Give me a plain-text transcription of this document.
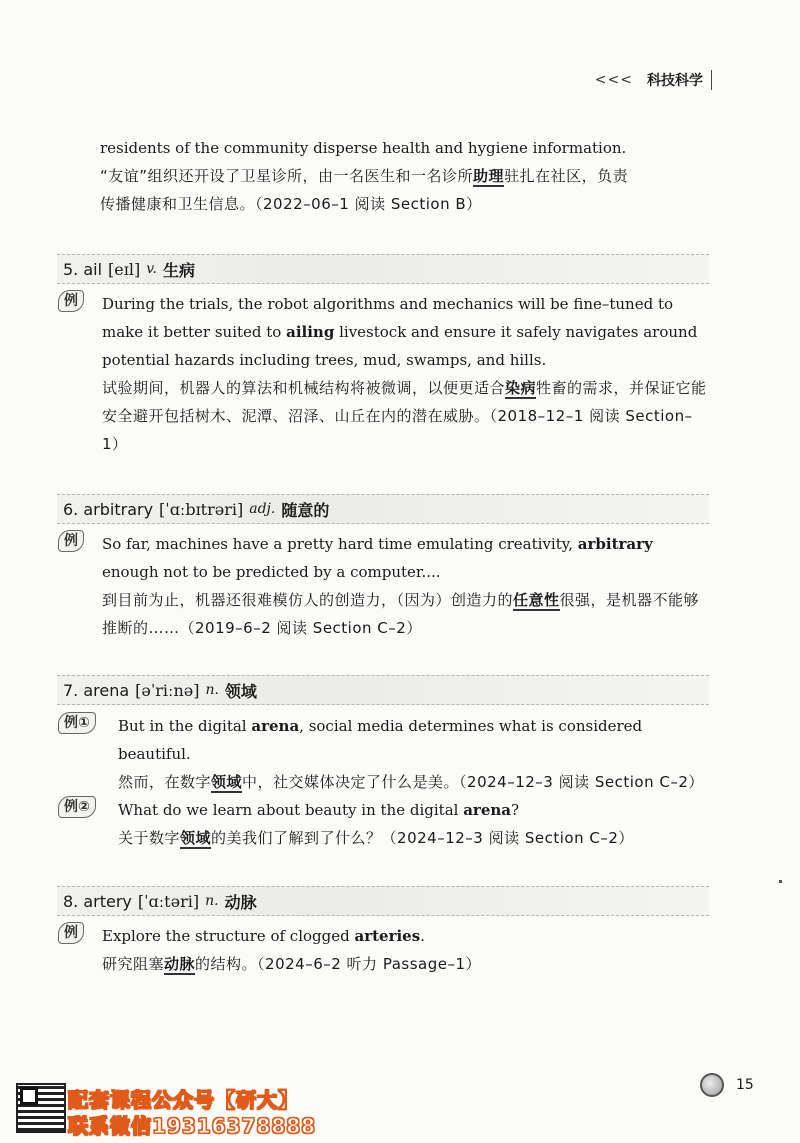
<<< 科技科学
residents of the community disperse health and hygiene information.
“友谊”组织还开设了卫星诊所，由一名医生和一名诊所助理驻扎在社区，负责
传播健康和卫生信息。（2022–06–1 阅读 Section B）
5. ail [eɪl] v. 生病
例	During the trials, the robot algorithms and mechanics will be fine–tuned to make it better suited to ailing livestock and ensure it safely navigates around potential hazards including trees, mud, swamps, and hills.
试验期间，机器人的算法和机械结构将被微调，以便更适合染病牲畜的需求，并保证它能安全避开包括树木、泥潭、沼泽、山丘在内的潜在威胁。（2018–12–1 阅读 Section–1）
6. arbitrary [ˈɑːbɪtrəri] adj. 随意的
例	So far, machines have a pretty hard time emulating creativity, arbitrary enough not to be predicted by a computer....
到目前为止，机器还很难模仿人的创造力，（因为）创造力的任意性很强，是机器不能够推断的……（2019–6–2 阅读 Section C–2）
7. arena [əˈriːnə] n. 领域
例①	But in the digital arena, social media determines what is considered beautiful.
然而，在数字领域中，社交媒体决定了什么是美。（2024–12–3 阅读 Section C–2）
例②	What do we learn about beauty in the digital arena?
关于数字领域的美我们了解到了什么？（2024–12–3 阅读 Section C–2）
8. artery [ˈɑːtəri] n. 动脉
例	Explore the structure of clogged arteries.
研究阻塞动脉的结构。（2024–6–2 听力 Passage–1）
15
配套课程公众号【研大】
联系微信19316378888
